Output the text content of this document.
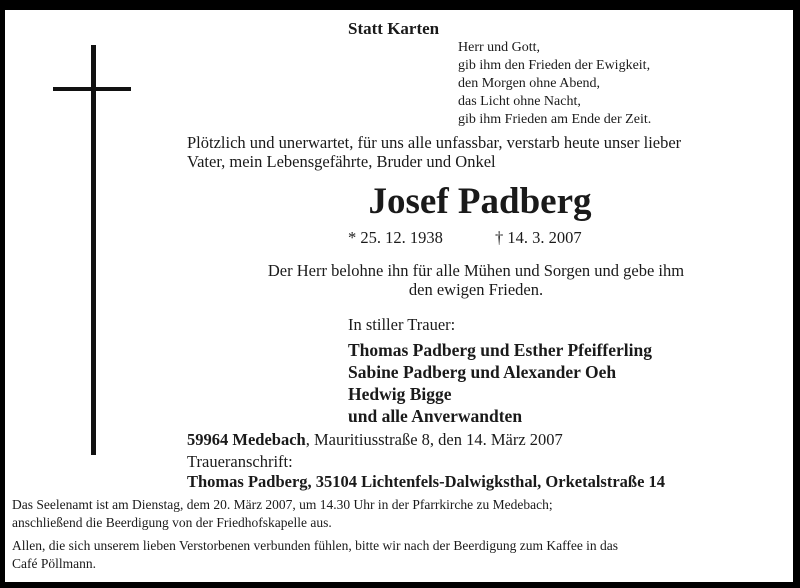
Statt Karten
Herr und Gott,
gib ihm den Frieden der Ewigkeit,
den Morgen ohne Abend,
das Licht ohne Nacht,
gib ihm Frieden am Ende der Zeit.
Plötzlich und unerwartet, für uns alle unfassbar, verstarb heute unser lieber
Vater, mein Lebensgefährte, Bruder und Onkel
Josef Padberg
* 25. 12. 1938	† 14. 3. 2007
Der Herr belohne ihn für alle Mühen und Sorgen und gebe ihm
den ewigen Frieden.
In stiller Trauer:
Thomas Padberg und Esther Pfeifferling
Sabine Padberg und Alexander Oeh
Hedwig Bigge
und alle Anverwandten
59964 Medebach, Mauritiusstraße 8, den 14. März 2007
Traueranschrift:
Thomas Padberg, 35104 Lichtenfels-Dalwigksthal, Orketalstraße 14
Das Seelenamt ist am Dienstag, dem 20. März 2007, um 14.30 Uhr in der Pfarrkirche zu Medebach;
anschließend die Beerdigung von der Friedhofskapelle aus.
Allen, die sich unserem lieben Verstorbenen verbunden fühlen, bitte wir nach der Beerdigung zum Kaffee in das
Café Pöllmann.
